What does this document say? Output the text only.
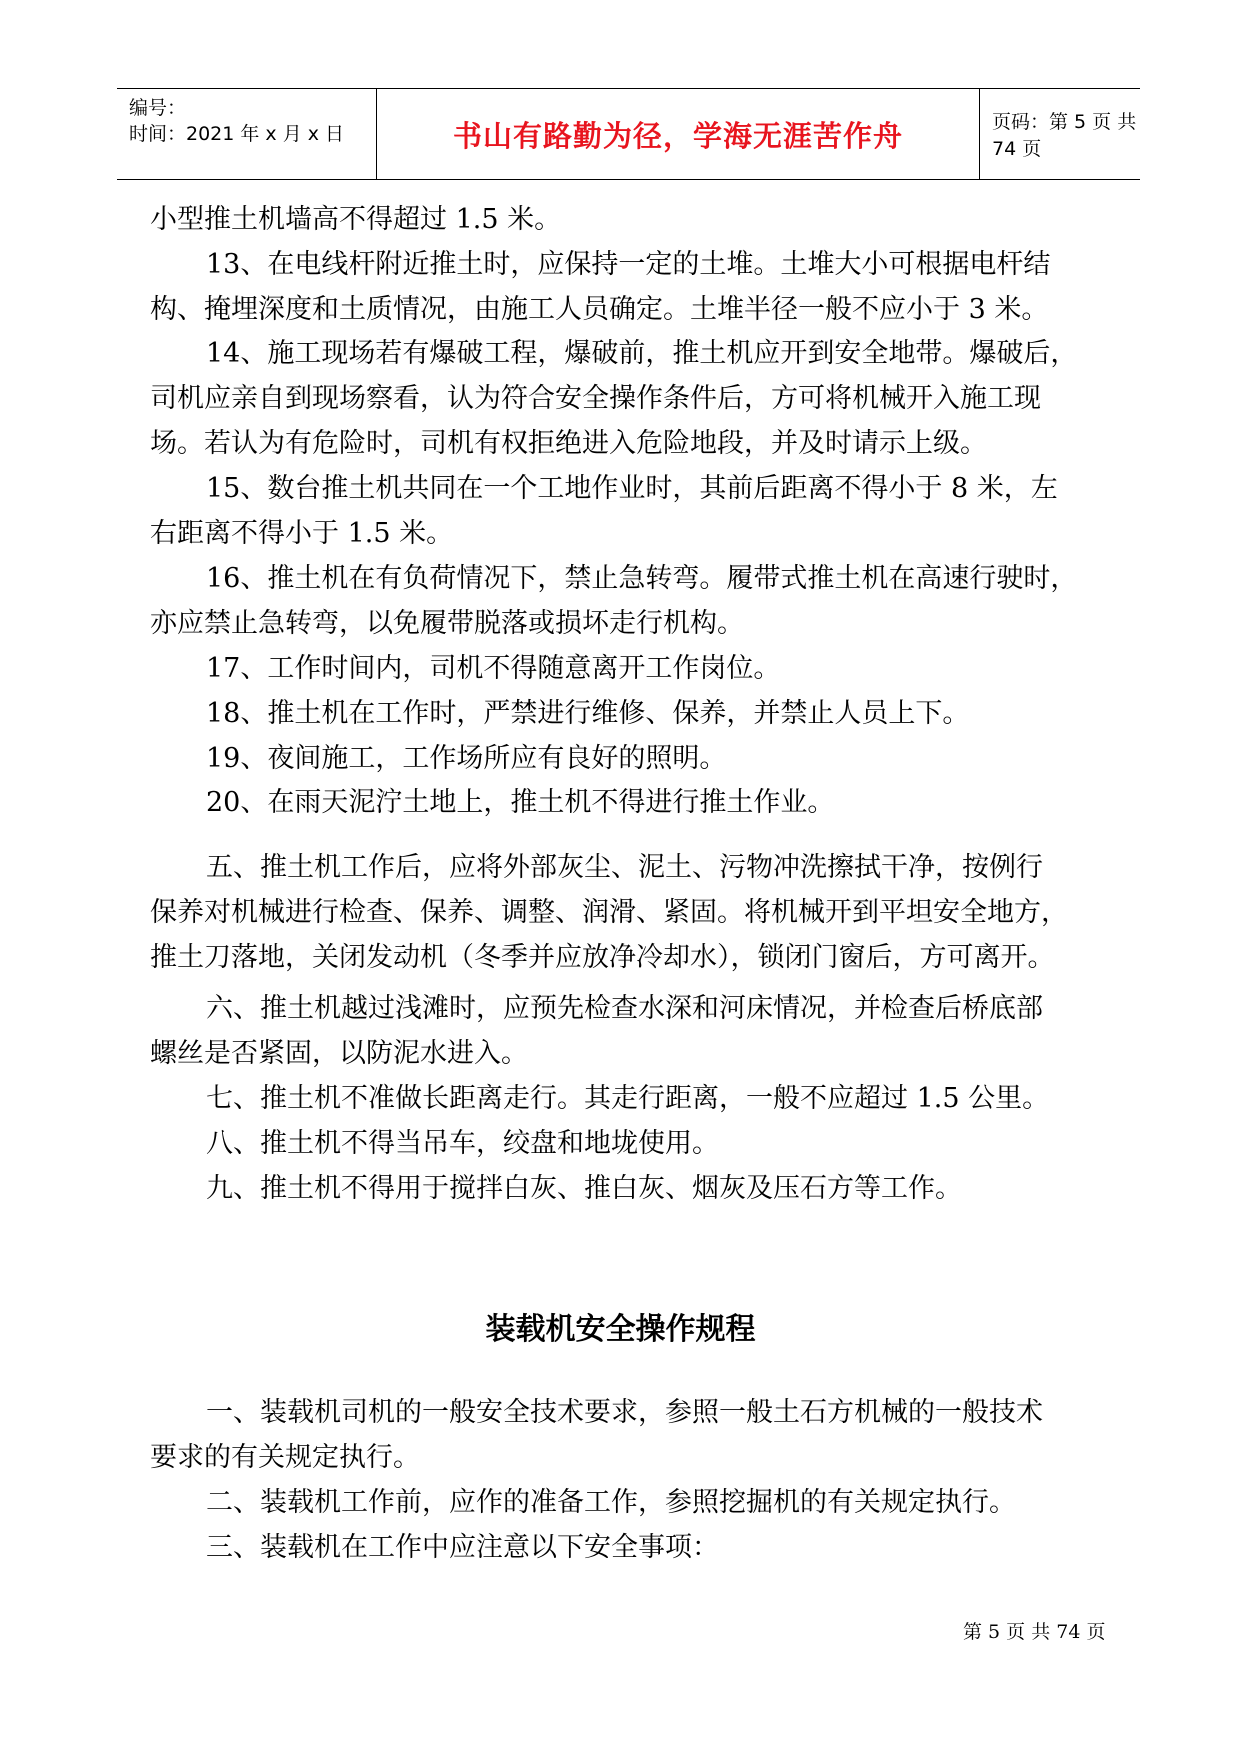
编号：
时间：2021 年 x 月 x 日	书山有路勤为径，学海无涯苦作舟	页码：第 5 页 共 74 页
小型推土机墙高不得超过 1.5 米。
13、在电线杆附近推土时，应保持一定的土堆。土堆大小可根据电杆结
构、掩埋深度和土质情况，由施工人员确定。土堆半径一般不应小于 3 米。
14、施工现场若有爆破工程，爆破前，推土机应开到安全地带。爆破后，
司机应亲自到现场察看，认为符合安全操作条件后，方可将机械开入施工现
场。若认为有危险时，司机有权拒绝进入危险地段，并及时请示上级。
15、数台推土机共同在一个工地作业时，其前后距离不得小于 8 米，左
右距离不得小于 1.5 米。
16、推土机在有负荷情况下，禁止急转弯。履带式推土机在高速行驶时，
亦应禁止急转弯，以免履带脱落或损坏走行机构。
17、工作时间内，司机不得随意离开工作岗位。
18、推土机在工作时，严禁进行维修、保养，并禁止人员上下。
19、夜间施工，工作场所应有良好的照明。
20、在雨天泥泞土地上，推土机不得进行推土作业。
五、推土机工作后，应将外部灰尘、泥土、污物冲洗擦拭干净，按例行
保养对机械进行检查、保养、调整、润滑、紧固。将机械开到平坦安全地方，
推土刀落地，关闭发动机（冬季并应放净冷却水），锁闭门窗后，方可离开。
六、推土机越过浅滩时，应预先检查水深和河床情况，并检查后桥底部
螺丝是否紧固，以防泥水进入。
七、推土机不准做长距离走行。其走行距离，一般不应超过 1.5 公里。
八、推土机不得当吊车，绞盘和地垅使用。
九、推土机不得用于搅拌白灰、推白灰、烟灰及压石方等工作。
一、装载机司机的一般安全技术要求，参照一般土石方机械的一般技术
要求的有关规定执行。
二、装载机工作前，应作的准备工作，参照挖掘机的有关规定执行。
三、装载机在工作中应注意以下安全事项：
装载机安全操作规程
第 5 页 共 74 页
